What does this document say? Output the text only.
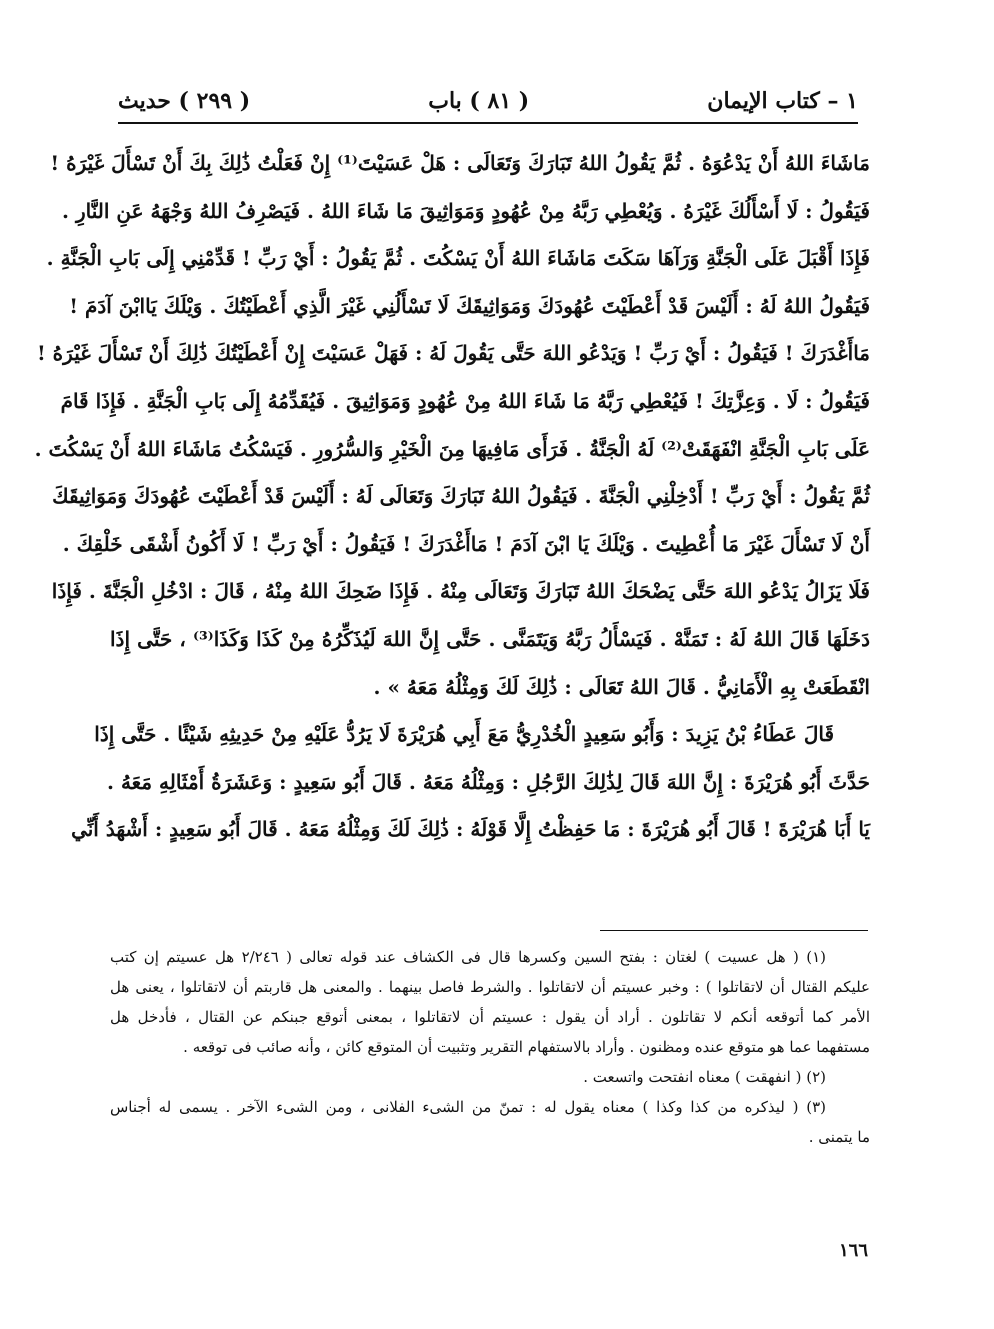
١ – كتاب الإيمان
( ٨١ ) باب
( ٢٩٩ ) حديث
مَاشَاءَ اللهُ أَنْ يَدْعُوَهُ . ثُمَّ يَقُولُ اللهُ تَبَارَكَ وَتَعَالَى : هَلْ عَسَيْتَ⁽¹⁾ إِنْ فَعَلْتُ ذَٰلِكَ بِكَ أَنْ تَسْأَلَ غَيْرَهُ !
فَيَقُولُ : لَا أَسْأَلُكَ غَيْرَهُ . وَيُعْطِي رَبَّهُ مِنْ عُهُودٍ وَمَوَاثِيقَ مَا شَاءَ اللهُ . فَيَصْرِفُ اللهُ وَجْهَهُ عَنِ النَّارِ .
فَإِذَا أَقْبَلَ عَلَى الْجَنَّةِ وَرَآهَا سَكَتَ مَاشَاءَ اللهُ أَنْ يَسْكُتَ . ثُمَّ يَقُولُ : أَيْ رَبِّ ! قَدِّمْنِي إِلَى بَابِ الْجَنَّةِ .
فَيَقُولُ اللهُ لَهُ : أَلَيْسَ قَدْ أَعْطَيْتَ عُهُودَكَ وَمَوَاثِيقَكَ لَا تَسْأَلُنِي غَيْرَ الَّذِي أَعْطَيْتُكَ . وَيْلَكَ يَاابْنَ آدَمَ !
مَاأَغْدَرَكَ ! فَيَقُولُ : أَيْ رَبِّ ! وَيَدْعُو اللهَ حَتَّى يَقُولَ لَهُ : فَهَلْ عَسَيْتَ إِنْ أَعْطَيْتُكَ ذَٰلِكَ أَنْ تَسْأَلَ غَيْرَهُ !
فَيَقُولُ : لَا . وَعِزَّتِكَ ! فَيُعْطِي رَبَّهُ مَا شَاءَ اللهُ مِنْ عُهُودٍ وَمَوَاثِيقَ . فَيُقَدِّمُهُ إِلَى بَابِ الْجَنَّةِ . فَإِذَا قَامَ
عَلَى بَابِ الْجَنَّةِ انْفَهَقَتْ⁽²⁾ لَهُ الْجَنَّةُ . فَرَأَى مَافِيهَا مِنَ الْخَيْرِ وَالسُّرُورِ . فَيَسْكُتُ مَاشَاءَ اللهُ أَنْ يَسْكُتَ .
ثُمَّ يَقُولُ : أَيْ رَبِّ ! أَدْخِلْنِي الْجَنَّةَ . فَيَقُولُ اللهُ تَبَارَكَ وَتَعَالَى لَهُ : أَلَيْسَ قَدْ أَعْطَيْتَ عُهُودَكَ وَمَوَاثِيقَكَ
أَنْ لَا تَسْأَلَ غَيْرَ مَا أُعْطِيتَ . وَيْلَكَ يَا ابْنَ آدَمَ ! مَاأَغْدَرَكَ ! فَيَقُولُ : أَيْ رَبِّ ! لَا أَكُونُ أَشْقَى خَلْقِكَ .
فَلَا يَزَالُ يَدْعُو اللهَ حَتَّى يَضْحَكَ اللهُ تَبَارَكَ وَتَعَالَى مِنْهُ . فَإِذَا ضَحِكَ اللهُ مِنْهُ ، قَالَ : ادْخُلِ الْجَنَّةَ . فَإِذَا
دَخَلَهَا قَالَ اللهُ لَهُ : تَمَنَّهْ . فَيَسْأَلُ رَبَّهُ وَيَتَمَنَّى . حَتَّى إِنَّ اللهَ لَيُذَكِّرُهُ مِنْ كَذَا وَكَذَا⁽³⁾ ، حَتَّى إِذَا
انْقَطَعَتْ بِهِ الْأَمَانِيُّ . قَالَ اللهُ تَعَالَى : ذَٰلِكَ لَكَ وَمِثْلُهُ مَعَهُ » .
قَالَ عَطَاءُ بْنُ يَزِيدَ : وَأَبُو سَعِيدٍ الْخُدْرِيُّ مَعَ أَبِي هُرَيْرَةَ لَا يَرُدُّ عَلَيْهِ مِنْ حَدِيثِهِ شَيْئًا . حَتَّى إِذَا
حَدَّثَ أَبُو هُرَيْرَةَ : إِنَّ اللهَ قَالَ لِذَٰلِكَ الرَّجُلِ : وَمِثْلُهُ مَعَهُ . قَالَ أَبُو سَعِيدٍ : وَعَشَرَةُ أَمْثَالِهِ مَعَهُ .
يَا أَبَا هُرَيْرَةَ ! قَالَ أَبُو هُرَيْرَةَ : مَا حَفِظْتُ إِلَّا قَوْلَهُ : ذَٰلِكَ لَكَ وَمِثْلُهُ مَعَهُ . قَالَ أَبُو سَعِيدٍ : أَشْهَدُ أَنِّي
(١) ( هل عسيت ) لغتان : بفتح السين وكسرها قال فى الكشاف عند قوله تعالى ( ٢/٢٤٦ هل عسيتم إن كتب
عليكم القتال أن لاتقاتلوا ) : وخبر عسيتم أن لاتقاتلوا . والشرط فاصل بينهما . والمعنى هل قاربتم أن لاتقاتلوا ، يعنى هل
الأمر كما أتوقعه أنكم لا تقاتلون . أراد أن يقول : عسيتم أن لاتقاتلوا ، بمعنى أتوقع جبنكم عن القتال ، فأدخل هل
مستفهما عما هو متوقع عنده ومظنون . وأراد بالاستفهام التقرير وتثبيت أن المتوقع كائن ، وأنه صائب فى توقعه .
(٢) ( انفهقت ) معناه انفتحت واتسعت .
(٣) ( ليذكره من كذا وكذا ) معناه يقول له : تمنّ من الشىء الفلانى ، ومن الشىء الآخر . يسمى له أجناس
ما يتمنى .
١٦٦
